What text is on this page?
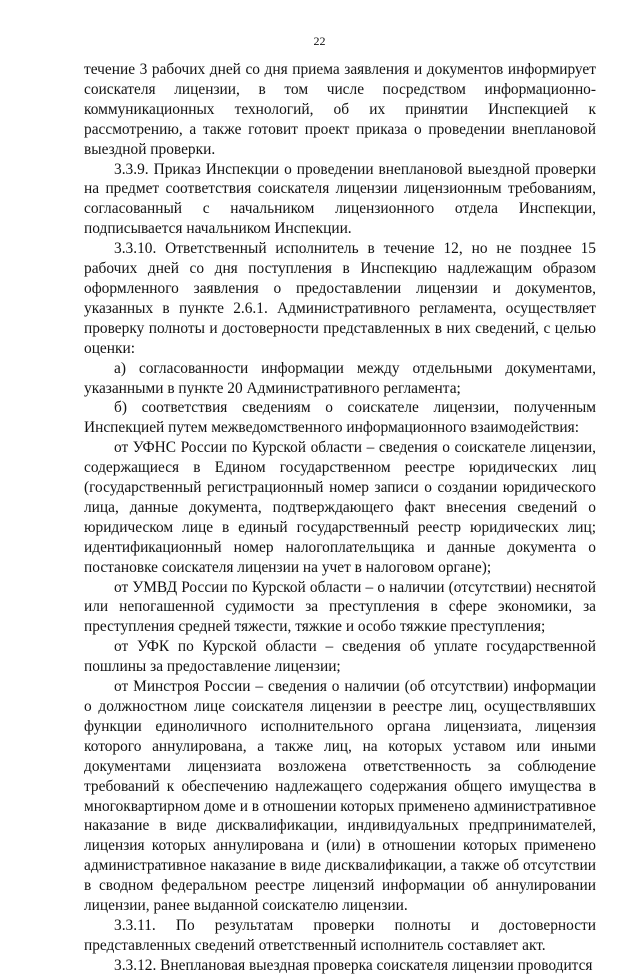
22

течение 3 рабочих дней со дня приема заявления и документов информирует соискателя лицензии, в том числе посредством информационно-коммуникационных технологий, об их принятии Инспекцией к рассмотрению, а также готовит проект приказа о проведении внеплановой выездной проверки.

3.3.9. Приказ Инспекции о проведении внеплановой выездной проверки на предмет соответствия соискателя лицензии лицензионным требованиям, согласованный с начальником лицензионного отдела Инспекции, подписывается начальником Инспекции.

3.3.10. Ответственный исполнитель в течение 12, но не позднее 15 рабочих дней со дня поступления в Инспекцию надлежащим образом оформленного заявления о предоставлении лицензии и документов, указанных в пункте 2.6.1. Административного регламента, осуществляет проверку полноты и достоверности представленных в них сведений, с целью оценки:

а) согласованности информации между отдельными документами, указанными в пункте 20 Административного регламента;

б) соответствия сведениям о соискателе лицензии, полученным Инспекцией путем межведомственного информационного взаимодействия:

от УФНС России по Курской области – сведения о соискателе лицензии, содержащиеся в Едином государственном реестре юридических лиц (государственный регистрационный номер записи о создании юридического лица, данные документа, подтверждающего факт внесения сведений о юридическом лице в единый государственный реестр юридических лиц; идентификационный номер налогоплательщика и данные документа о постановке соискателя лицензии на учет в налоговом органе);

от УМВД России по Курской области – о наличии (отсутствии) неснятой или непогашенной судимости за преступления в сфере экономики, за преступления средней тяжести, тяжкие и особо тяжкие преступления;

от УФК по Курской области – сведения об уплате государственной пошлины за предоставление лицензии;

от Минстроя России – сведения о наличии (об отсутствии) информации о должностном лице соискателя лицензии в реестре лиц, осуществлявших функции единоличного исполнительного органа лицензиата, лицензия которого аннулирована, а также лиц, на которых уставом или иными документами лицензиата возложена ответственность за соблюдение требований к обеспечению надлежащего содержания общего имущества в многоквартирном доме и в отношении которых применено административное наказание в виде дисквалификации, индивидуальных предпринимателей, лицензия которых аннулирована и (или) в отношении которых применено административное наказание в виде дисквалификации, а также об отсутствии в сводном федеральном реестре лицензий информации об аннулировании лицензии, ранее выданной соискателю лицензии.

3.3.11. По результатам проверки полноты и достоверности представленных сведений ответственный исполнитель составляет акт.

3.3.12. Внеплановая выездная проверка соискателя лицензии проводится
